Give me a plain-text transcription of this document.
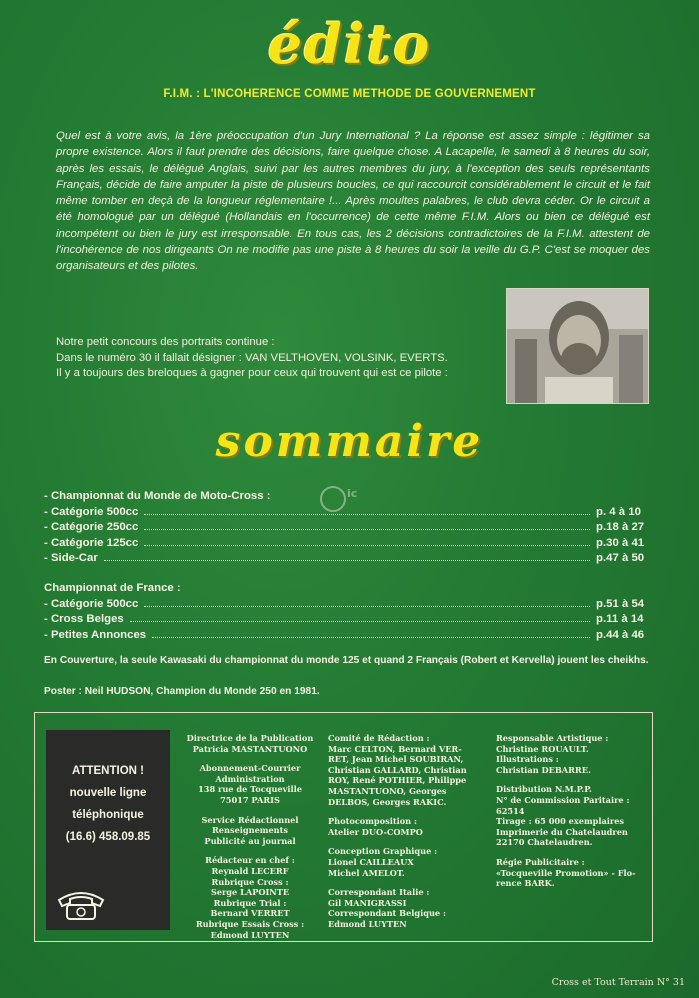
édito
F.I.M. : L'INCOHERENCE COMME METHODE DE GOUVERNEMENT
Quel est à votre avis, la 1ère préoccupation d'un Jury International ? La réponse est assez simple : légitimer sa propre existence. Alors il faut prendre des décisions, faire quelque chose. A Lacapelle, le samedi à 8 heures du soir, après les essais, le délégué Anglais, suivi par les autres membres du jury, à l'exception des seuls représentants Français, décide de faire amputer la piste de plusieurs boucles, ce qui raccourcit considérablement le circuit et le fait même tomber en deçà de la longueur réglementaire !... Après moultes palabres, le club devra céder. Or le circuit a été homologué par un délégué (Hollandais en l'occurrence) de cette même F.I.M. Alors ou bien ce délégué est incompétent ou bien le jury est irresponsable. En tous cas, les 2 décisions contradictoires de la F.I.M. attestent de l'incohérence de nos dirigeants On ne modifie pas une piste à 8 heures du soir la veille du G.P. C'est se moquer des organisateurs et des pilotes.
Notre petit concours des portraits continue :
Dans le numéro 30 il fallait désigner : VAN VELTHOVEN, VOLSINK, EVERTS.
Il y a toujours des breloques à gagner pour ceux qui trouvent qui est ce pilote :
sommaire
ic
- Championnat du Monde de Moto-Cross :
- Catégorie 500cc	p. 4 à 10
- Catégorie 250cc	p.18 à 27
- Catégorie 125cc	p.30 à 41
- Side-Car	p.47 à 50
Championnat de France :
- Catégorie 500cc	p.51 à 54
- Cross Belges	p.11 à 14
- Petites Annonces	p.44 à 46
En Couverture, la seule Kawasaki du championnat du monde 125 et quand 2 Français (Robert et Kervella) jouent les cheikhs.
Poster : Neil HUDSON, Champion du Monde 250 en 1981.
ATTENTION !
nouvelle ligne
téléphonique
(16.6) 458.09.85

Directrice de la Publication

Patricia MASTANTUONO

Abonnement-Courrier

Administration

138 rue de Tocqueville

75017 PARIS

Service Rédactionnel

Renseignements

Publicité au journal

Rédacteur en chef :

Reynald LECERF

Rubrique Cross :

Serge LAPOINTE

Rubrique Trial :

Bernard VERRET

Rubrique Essais Cross :

Edmond LUYTEN

Comité de Rédaction :

Marc CELTON, Bernard VER-

RET, Jean Michel SOUBIRAN,

Christian GALLARD, Christian

ROY, René POTHIER, Philippe

MASTANTUONO, Georges

DELBOS, Georges RAKIC.

Photocomposition :

Atelier DUO-COMPO

Conception Graphique :

Lionel CAILLEAUX

Michel AMELOT.

Correspondant Italie :

Gil MANIGRASSI

Correspondant Belgique :

Edmond LUYTEN

Responsable Artistique :

Christine ROUAULT.

Illustrations :

Christian DEBARRE.

Distribution N.M.P.P.

N° de Commission Paritaire :

62514

Tirage : 65 000 exemplaires

Imprimerie du Chatelaudren

22170 Chatelaudren.

Régie Publicitaire :

«Tocqueville Promotion» - Flo-

rence BARK.

Cross et Tout Terrain N° 31
